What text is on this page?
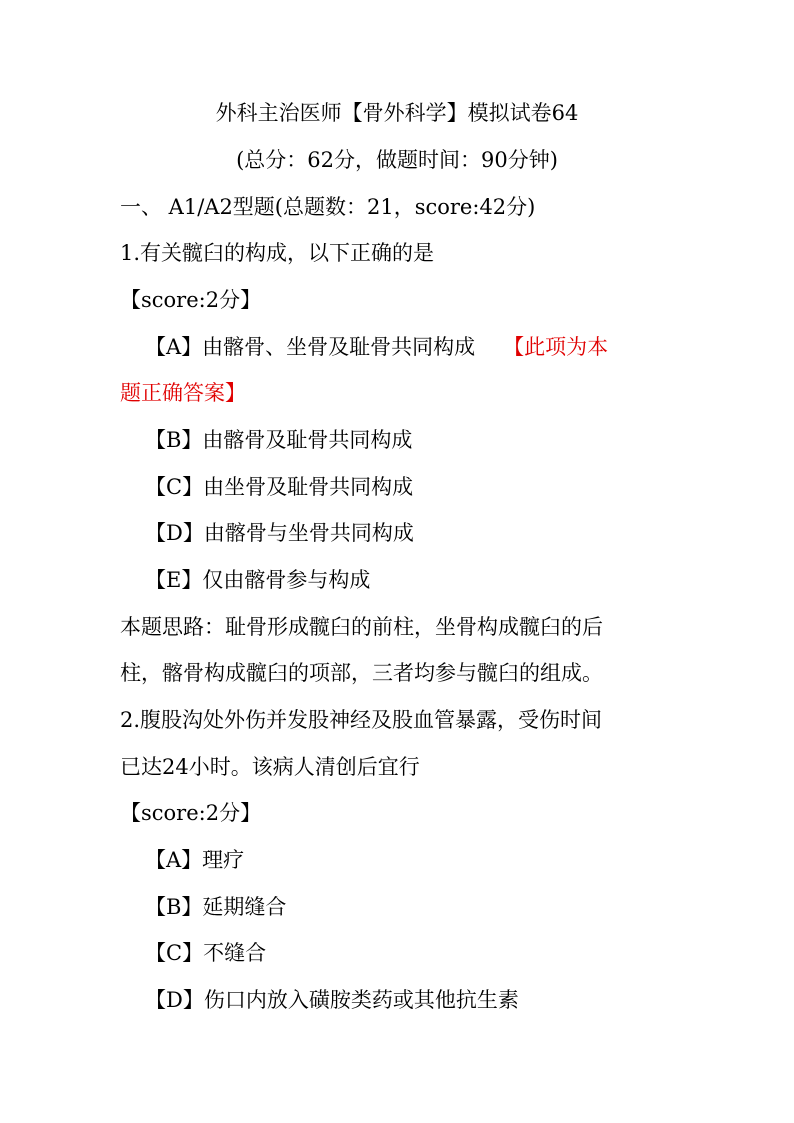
外科主治医师【骨外科学】模拟试卷64
(总分：62分，做题时间：90分钟)
一、 A1/A2型题(总题数：21，score:42分)
1.有关髋臼的构成，以下正确的是
【score:2分】
【A】由髂骨、坐骨及耻骨共同构成 【此项为本
题正确答案】
【B】由髂骨及耻骨共同构成
【C】由坐骨及耻骨共同构成
【D】由髂骨与坐骨共同构成
【E】仅由髂骨参与构成
本题思路：耻骨形成髋臼的前柱，坐骨构成髋臼的后
柱，髂骨构成髋臼的项部，三者均参与髋臼的组成。
2.腹股沟处外伤并发股神经及股血管暴露，受伤时间
已达24小时。该病人清创后宜行
【score:2分】
【A】理疗
【B】延期缝合
【C】不缝合
【D】伤口内放入磺胺类药或其他抗生素
